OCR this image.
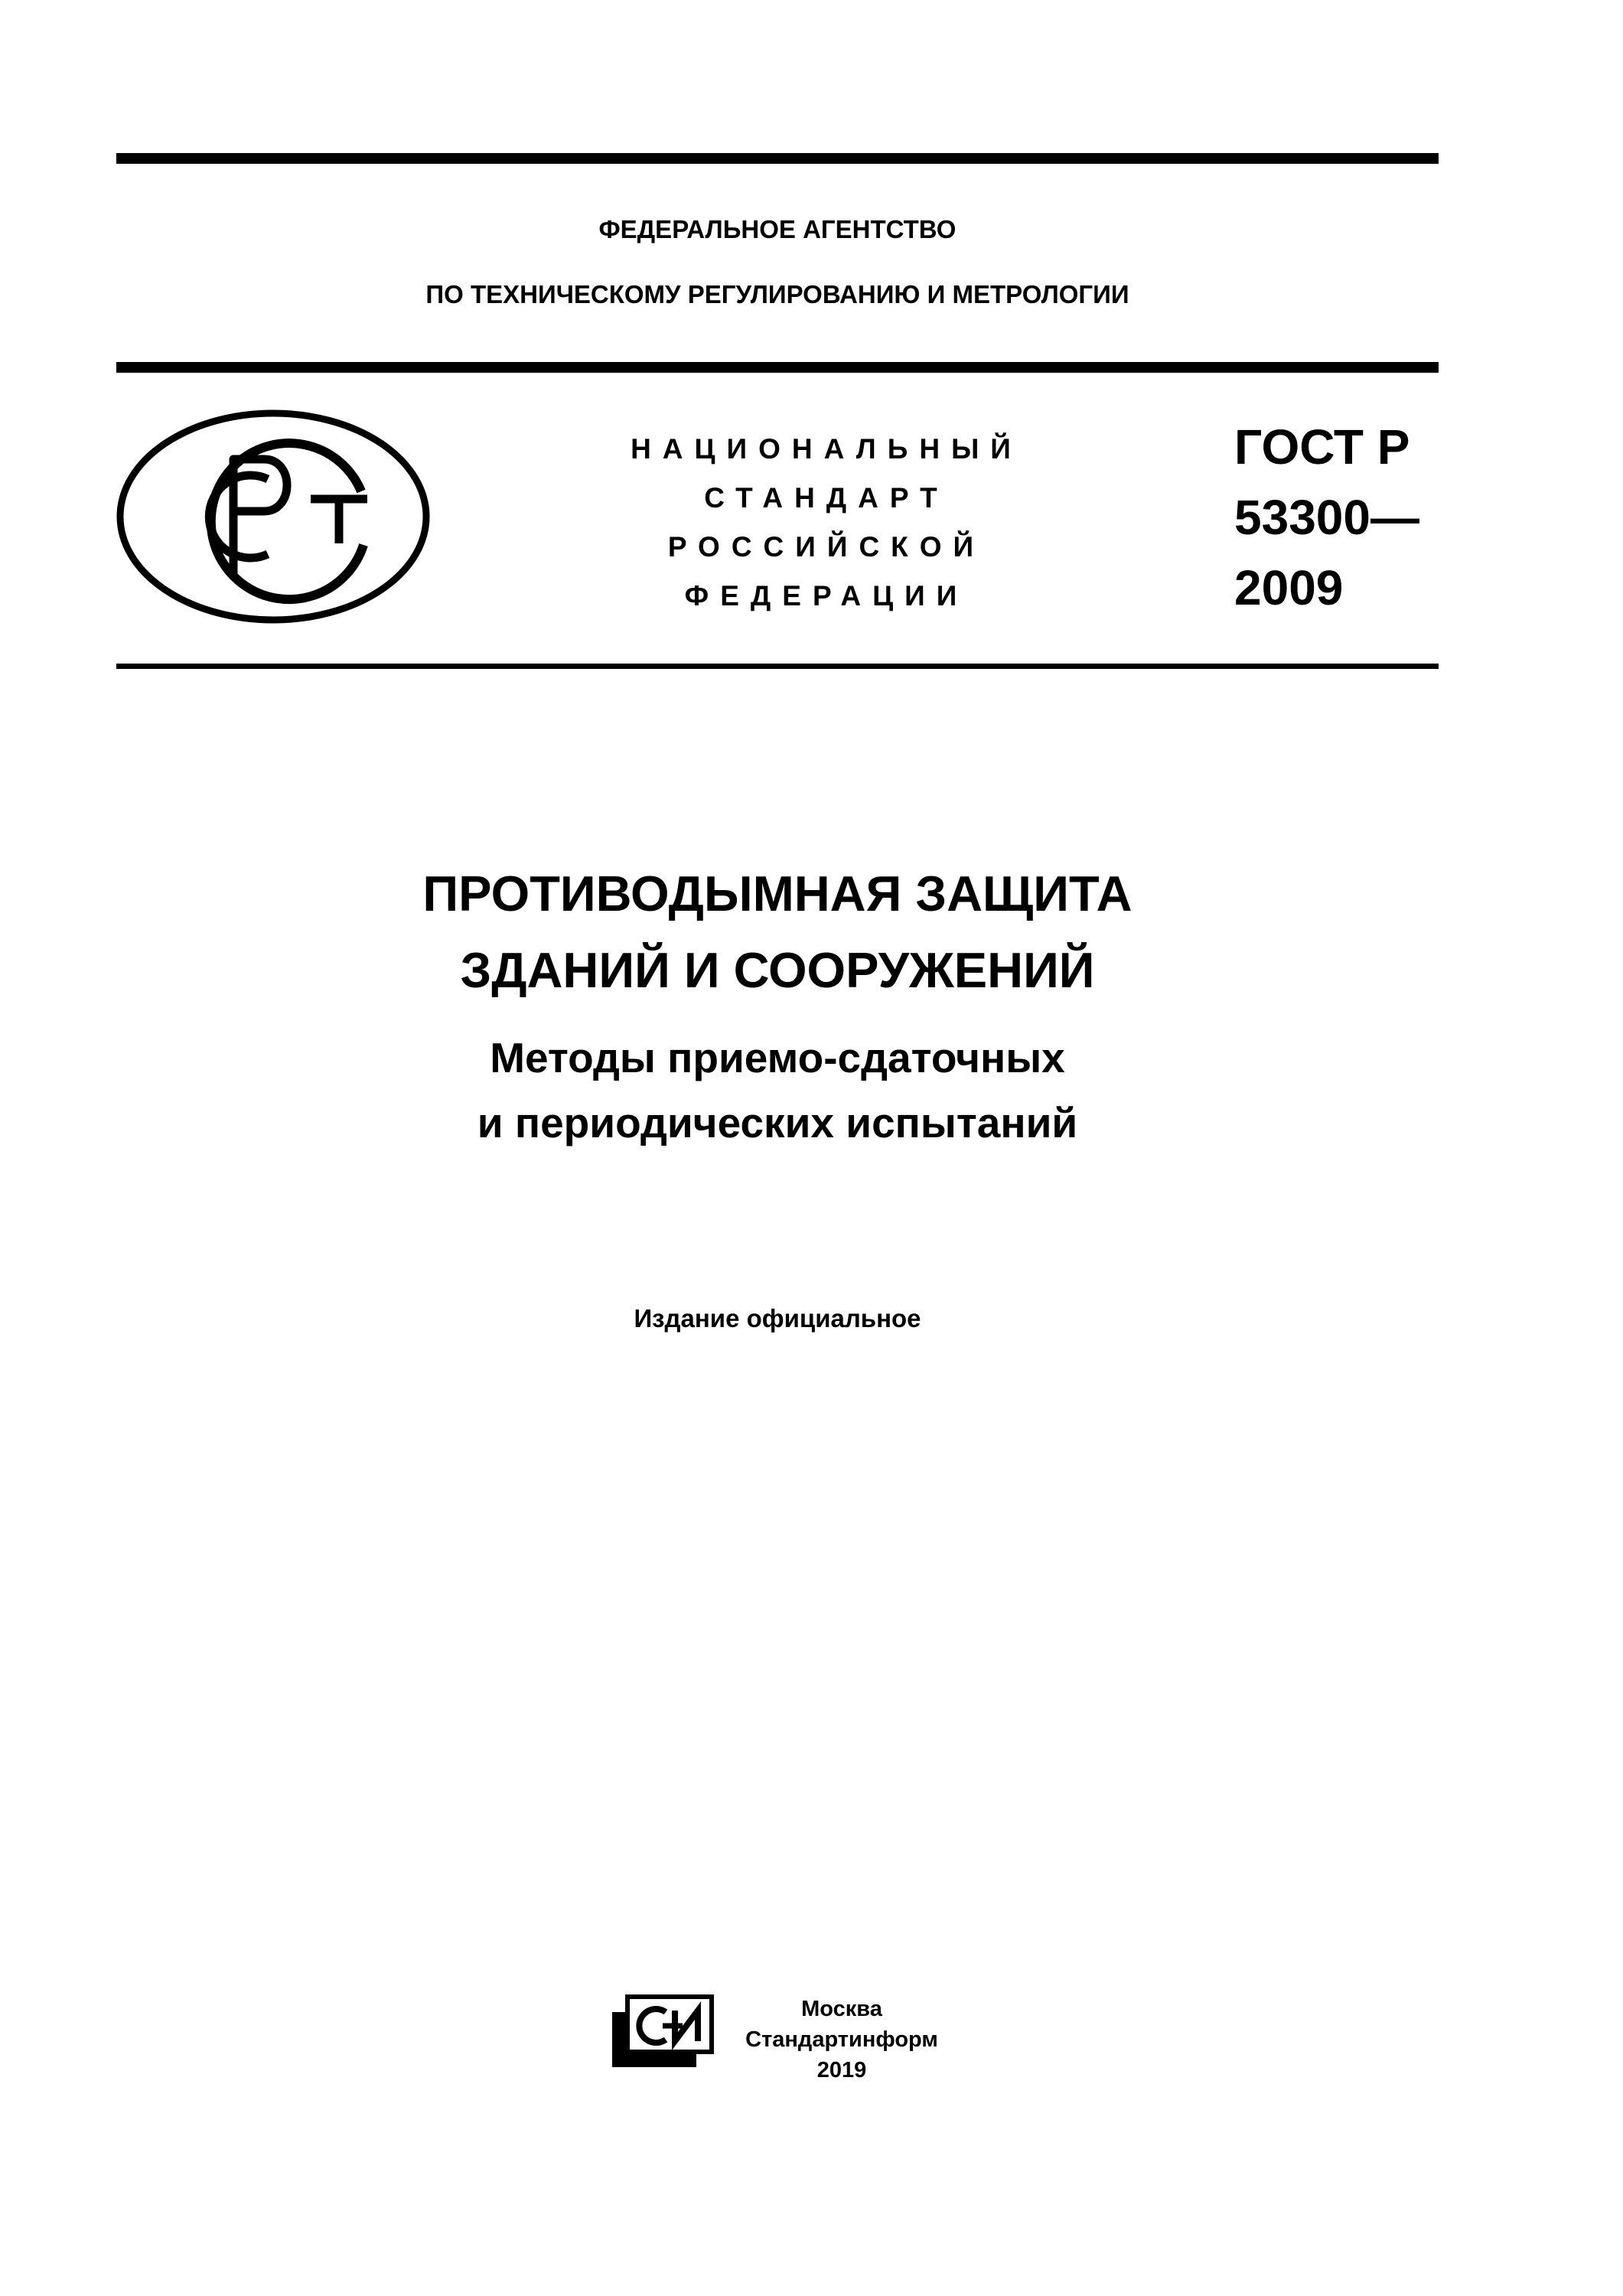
ФЕДЕРАЛЬНОЕ АГЕНТСТВО
ПО ТЕХНИЧЕСКОМУ РЕГУЛИРОВАНИЮ И МЕТРОЛОГИИ
НАЦИОНАЛЬНЫЙ
СТАНДАРТ
РОССИЙСКОЙ
ФЕДЕРАЦИИ
ГОСТ Р
53300—
2009
ПРОТИВОДЫМНАЯ ЗАЩИТА
ЗДАНИЙ И СООРУЖЕНИЙ
Методы приемо-сдаточных
и периодических испытаний
Издание официальное
Москва
Стандартинформ
2019
